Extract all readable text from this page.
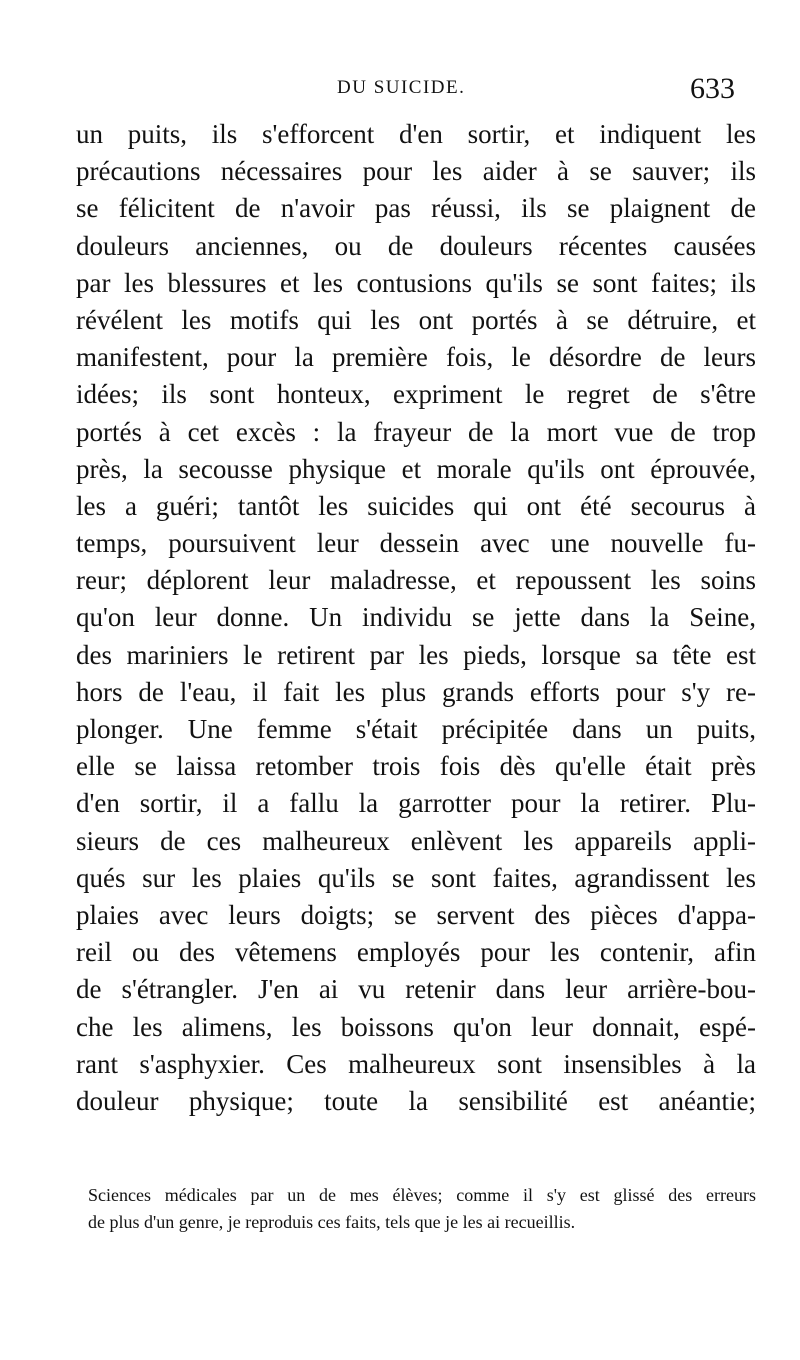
DU SUICIDE.	633
un puits, ils s'efforcent d'en sortir, et indiquent les
précautions nécessaires pour les aider à se sauver; ils
se félicitent de n'avoir pas réussi, ils se plaignent de
douleurs anciennes, ou de douleurs récentes causées
par les blessures et les contusions qu'ils se sont faites; ils
révélent les motifs qui les ont portés à se détruire, et
manifestent, pour la première fois, le désordre de leurs
idées; ils sont honteux, expriment le regret de s'être
portés à cet excès : la frayeur de la mort vue de trop
près, la secousse physique et morale qu'ils ont éprouvée,
les a guéri; tantôt les suicides qui ont été secourus à
temps, poursuivent leur dessein avec une nouvelle fu-
reur; déplorent leur maladresse, et repoussent les soins
qu'on leur donne. Un individu se jette dans la Seine,
des mariniers le retirent par les pieds, lorsque sa tête est
hors de l'eau, il fait les plus grands efforts pour s'y re-
plonger. Une femme s'était précipitée dans un puits,
elle se laissa retomber trois fois dès qu'elle était près
d'en sortir, il a fallu la garrotter pour la retirer. Plu-
sieurs de ces malheureux enlèvent les appareils appli-
qués sur les plaies qu'ils se sont faites, agrandissent les
plaies avec leurs doigts; se servent des pièces d'appa-
reil ou des vêtemens employés pour les contenir, afin
de s'étrangler. J'en ai vu retenir dans leur arrière-bou-
che les alimens, les boissons qu'on leur donnait, espé-
rant s'asphyxier. Ces malheureux sont insensibles à la
douleur physique; toute la sensibilité est anéantie;
Sciences médicales par un de mes élèves; comme il s'y est glissé des erreurs
de plus d'un genre, je reproduis ces faits, tels que je les ai recueillis.
